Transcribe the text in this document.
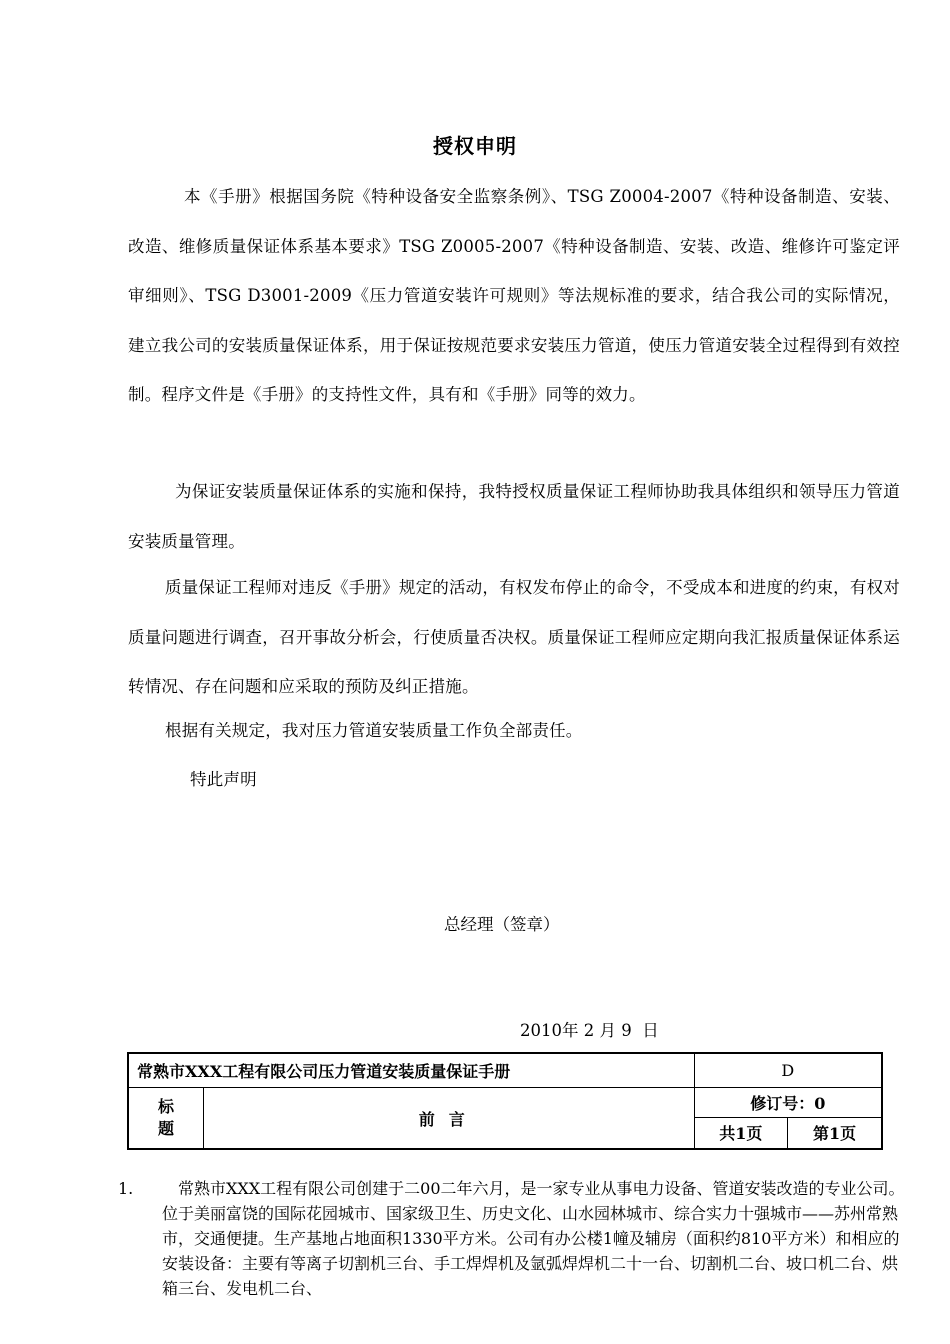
授权申明
本《手册》根据国务院《特种设备安全监察条例》、TSG Z0004-2007《特种设备制造、安装、改造、维修质量保证体系基本要求》TSG Z0005-2007《特种设备制造、安装、改造、维修许可鉴定评审细则》、TSG D3001-2009《压力管道安装许可规则》等法规标准的要求，结合我公司的实际情况，建立我公司的安装质量保证体系，用于保证按规范要求安装压力管道，使压力管道安装全过程得到有效控制。程序文件是《手册》的支持性文件，具有和《手册》同等的效力。
为保证安装质量保证体系的实施和保持，我特授权质量保证工程师协助我具体组织和领导压力管道安装质量管理。
质量保证工程师对违反《手册》规定的活动，有权发布停止的命令，不受成本和进度的约束，有权对质量问题进行调查，召开事故分析会，行使质量否决权。质量保证工程师应定期向我汇报质量保证体系运转情况、存在问题和应采取的预防及纠正措施。
根据有关规定，我对压力管道安装质量工作负全部责任。
特此声明
总经理（签章）
2010年 2 月 9  日
常熟市XXX工程有限公司压力管道安装质量保证手册		D	
标
题	前言	修订号：0	
		共1页	第1页
1.	常熟市XXX工程有限公司创建于二00二年六月，是一家专业从事电力设备、管道安装改造的专业公司。位于美丽富饶的国际花园城市、国家级卫生、历史文化、山水园林城市、综合实力十强城市——苏州常熟市，交通便捷。生产基地占地面积1330平方米。公司有办公楼1幢及辅房（面积约810平方米）和相应的安装设备：主要有等离子切割机三台、手工焊焊机及氩弧焊焊机二十一台、切割机二台、坡口机二台、烘箱三台、发电机二台、
